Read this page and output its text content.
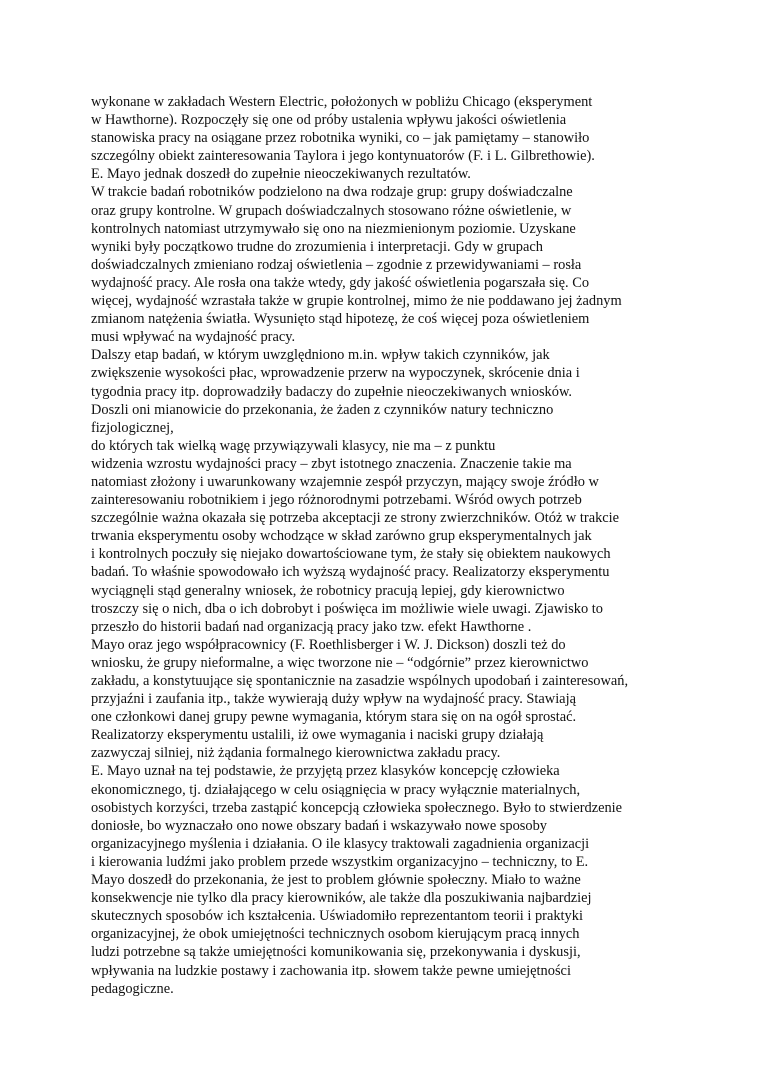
wykonane w zakładach Western Electric, położonych w pobliżu Chicago (eksperyment
w Hawthorne). Rozpoczęły się one od próby ustalenia wpływu jakości oświetlenia
stanowiska pracy na osiągane przez robotnika wyniki, co – jak pamiętamy – stanowiło
szczególny obiekt zainteresowania Taylora i jego kontynuatorów (F. i L. Gilbrethowie).
E. Mayo jednak doszedł do zupełnie nieoczekiwanych rezultatów.
W trakcie badań robotników podzielono na dwa rodzaje grup: grupy doświadczalne
oraz grupy kontrolne. W grupach doświadczalnych stosowano różne oświetlenie, w
kontrolnych natomiast utrzymywało się ono na niezmienionym poziomie. Uzyskane
wyniki były początkowo trudne do zrozumienia i interpretacji. Gdy w grupach
doświadczalnych zmieniano rodzaj oświetlenia – zgodnie z przewidywaniami – rosła
wydajność pracy. Ale rosła ona także wtedy, gdy jakość oświetlenia pogarszała się. Co
więcej, wydajność wzrastała także w grupie kontrolnej, mimo że nie poddawano jej żadnym
zmianom natężenia światła. Wysunięto stąd hipotezę, że coś więcej poza oświetleniem
musi wpływać na wydajność pracy.
Dalszy etap badań, w którym uwzględniono m.in. wpływ takich czynników, jak
zwiększenie wysokości płac, wprowadzenie przerw na wypoczynek, skrócenie dnia i
tygodnia pracy itp. doprowadziły badaczy do zupełnie nieoczekiwanych wniosków.
Doszli oni mianowicie do przekonania, że żaden z czynników natury techniczno
fizjologicznej,
do których tak wielką wagę przywiązywali klasycy, nie ma – z punktu
widzenia wzrostu wydajności pracy – zbyt istotnego znaczenia. Znaczenie takie ma
natomiast złożony i uwarunkowany wzajemnie zespół przyczyn, mający swoje źródło w
zainteresowaniu robotnikiem i jego różnorodnymi potrzebami. Wśród owych potrzeb
szczególnie ważna okazała się potrzeba akceptacji ze strony zwierzchników. Otóż w trakcie
trwania eksperymentu osoby wchodzące w skład zarówno grup eksperymentalnych jak
i kontrolnych poczuły się niejako dowartościowane tym, że stały się obiektem naukowych
badań. To właśnie spowodowało ich wyższą wydajność pracy. Realizatorzy eksperymentu
wyciągnęli stąd generalny wniosek, że robotnicy pracują lepiej, gdy kierownictwo
troszczy się o nich, dba o ich dobrobyt i poświęca im możliwie wiele uwagi. Zjawisko to
przeszło do historii badań nad organizacją pracy jako tzw. efekt Hawthorne .
Mayo oraz jego współpracownicy (F. Roethlisberger i W. J. Dickson) doszli też do
wniosku, że grupy nieformalne, a więc tworzone nie – “odgórnie” przez kierownictwo
zakładu, a konstytuujące się spontanicznie na zasadzie wspólnych upodobań i zainteresowań,
przyjaźni i zaufania itp., także wywierają duży wpływ na wydajność pracy. Stawiają
one członkowi danej grupy pewne wymagania, którym stara się on na ogół sprostać.
Realizatorzy eksperymentu ustalili, iż owe wymagania i naciski grupy działają
zazwyczaj silniej, niż żądania formalnego kierownictwa zakładu pracy.
E. Mayo uznał na tej podstawie, że przyjętą przez klasyków koncepcję człowieka
ekonomicznego, tj. działającego w celu osiągnięcia w pracy wyłącznie materialnych,
osobistych korzyści, trzeba zastąpić koncepcją człowieka społecznego. Było to stwierdzenie
doniosłe, bo wyznaczało ono nowe obszary badań i wskazywało nowe sposoby
organizacyjnego myślenia i działania. O ile klasycy traktowali zagadnienia organizacji
i kierowania ludźmi jako problem przede wszystkim organizacyjno – techniczny, to E.
Mayo doszedł do przekonania, że jest to problem głównie społeczny. Miało to ważne
konsekwencje nie tylko dla pracy kierowników, ale także dla poszukiwania najbardziej
skutecznych sposobów ich kształcenia. Uświadomiło reprezentantom teorii i praktyki
organizacyjnej, że obok umiejętności technicznych osobom kierującym pracą innych
ludzi potrzebne są także umiejętności komunikowania się, przekonywania i dyskusji,
wpływania na ludzkie postawy i zachowania itp. słowem także pewne umiejętności
pedagogiczne.
